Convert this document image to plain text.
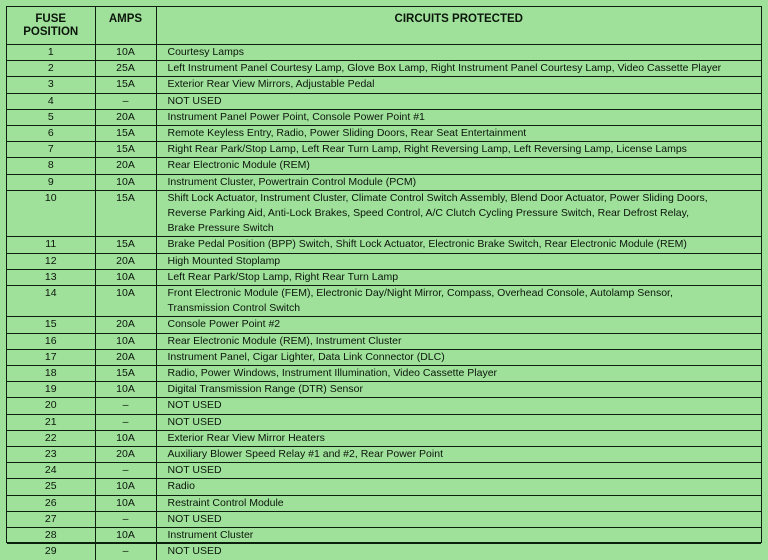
FUSE
POSITION	AMPS	CIRCUITS PROTECTED
1	10A	Courtesy Lamps

2	25A	Left Instrument Panel Courtesy Lamp, Glove Box Lamp, Right Instrument Panel Courtesy Lamp, Video Cassette Player

3	15A	Exterior Rear View Mirrors, Adjustable Pedal

4	–	NOT USED

5	20A	Instrument Panel Power Point, Console Power Point #1

6	15A	Remote Keyless Entry, Radio, Power Sliding Doors, Rear Seat Entertainment

7	15A	Right Rear Park/Stop Lamp, Left Rear Turn Lamp, Right Reversing Lamp, Left Reversing Lamp, License Lamps

8	20A	Rear Electronic Module (REM)

9	10A	Instrument Cluster, Powertrain Control Module (PCM)

10	15A	Shift Lock Actuator, Instrument Cluster, Climate Control Switch Assembly, Blend Door Actuator, Power Sliding Doors,
Reverse Parking Aid, Anti-Lock Brakes, Speed Control, A/C Clutch Cycling Pressure Switch, Rear Defrost Relay,
Brake Pressure Switch

11	15A	Brake Pedal Position (BPP) Switch, Shift Lock Actuator, Electronic Brake Switch, Rear Electronic Module (REM)

12	20A	High Mounted Stoplamp

13	10A	Left Rear Park/Stop Lamp, Right Rear Turn Lamp

14	10A	Front Electronic Module (FEM), Electronic Day/Night Mirror, Compass, Overhead Console, Autolamp Sensor,
Transmission Control Switch

15	20A	Console Power Point #2

16	10A	Rear Electronic Module (REM), Instrument Cluster

17	20A	Instrument Panel, Cigar Lighter, Data Link Connector (DLC)

18	15A	Radio, Power Windows, Instrument Illumination, Video Cassette Player

19	10A	Digital Transmission Range (DTR) Sensor

20	–	NOT USED

21	–	NOT USED

22	10A	Exterior Rear View Mirror Heaters

23	20A	Auxiliary Blower Speed Relay #1 and #2, Rear Power Point

24	–	NOT USED

25	10A	Radio

26	10A	Restraint Control Module

27	–	NOT USED

28	10A	Instrument Cluster

29	–	NOT USED
